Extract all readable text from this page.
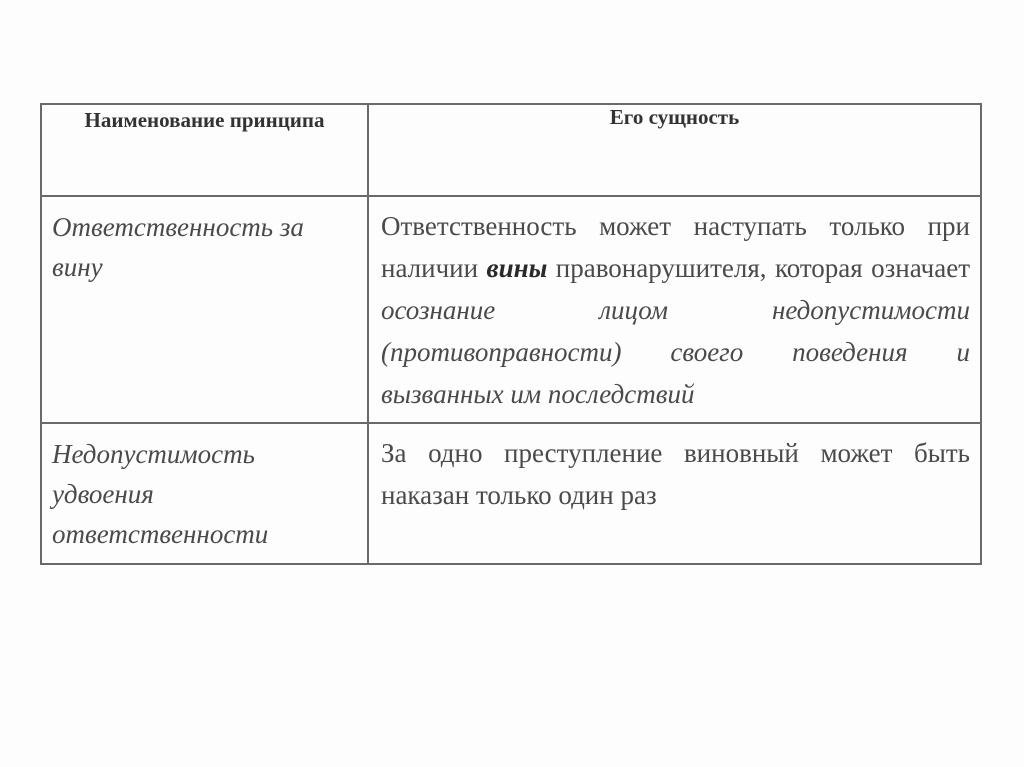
Наименование принципа	Его сущность

Ответственность за вину	Ответственность может наступать только при наличии вины правонарушителя, которая означает осознание лицом недопустимости (противоправности) своего поведения и вызванных им последствий

Недопустимость удвоения ответственности	За одно преступление виновный может быть наказан только один раз
